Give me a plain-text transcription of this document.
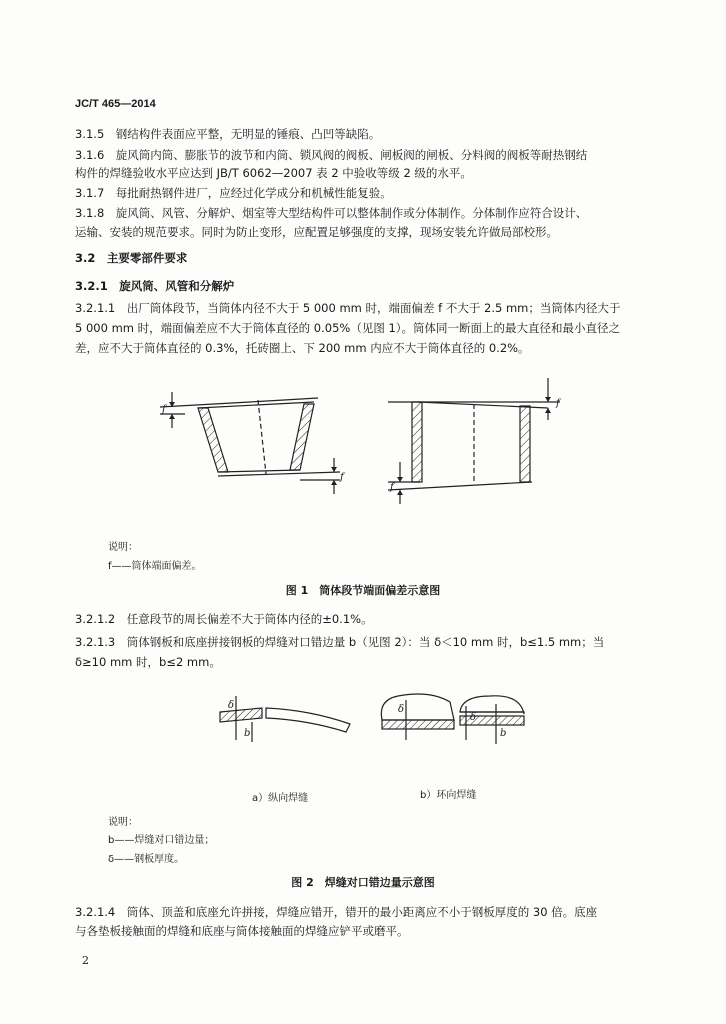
JC/T 465—2014
3.1.5　钢结构件表面应平整，无明显的锤痕、凸凹等缺陷。
3.1.6　旋风筒内筒、膨胀节的波节和内筒、锁风阀的阀板、闸板阀的闸板、分料阀的阀板等耐热钢结
构件的焊缝验收水平应达到 JB/T 6062—2007 表 2 中验收等级 2 级的水平。
3.1.7　每批耐热钢件进厂，应经过化学成分和机械性能复验。
3.1.8　旋风筒、风管、分解炉、烟室等大型结构件可以整体制作或分体制作。分体制作应符合设计、
运输、安装的规范要求。同时为防止变形，应配置足够强度的支撑，现场安装允许做局部校形。
3.2　主要零部件要求
3.2.1　旋风筒、风管和分解炉
3.2.1.1　出厂筒体段节，当筒体内径不大于 5 000 mm 时，端面偏差 f 不大于 2.5 mm；当筒体内径大于
5 000 mm 时，端面偏差应不大于筒体直径的 0.05%（见图 1）。筒体同一断面上的最大直径和最小直径之
差，应不大于筒体直径的 0.3%，托砖圈上、下 200 mm 内应不大于筒体直径的 0.2%。
f
f
f
f
说明：
f——筒体端面偏差。
图 1　筒体段节端面偏差示意图
3.2.1.2　任意段节的周长偏差不大于筒体内径的±0.1%。
3.2.1.3　筒体钢板和底座拼接钢板的焊缝对口错边量 b（见图 2）：当 δ＜10 mm 时，b≤1.5 mm；当
δ≥10 mm 时，b≤2 mm。
δ
b
δ
δ
b
a）纵向焊缝	b）环向焊缝
说明：
b——焊缝对口错边量；
δ——钢板厚度。
图 2　焊缝对口错边量示意图
3.2.1.4　筒体、顶盖和底座允许拼接，焊缝应错开，错开的最小距离应不小于钢板厚度的 30 倍。底座
与各垫板接触面的焊缝和底座与筒体接触面的焊缝应铲平或磨平。
2
